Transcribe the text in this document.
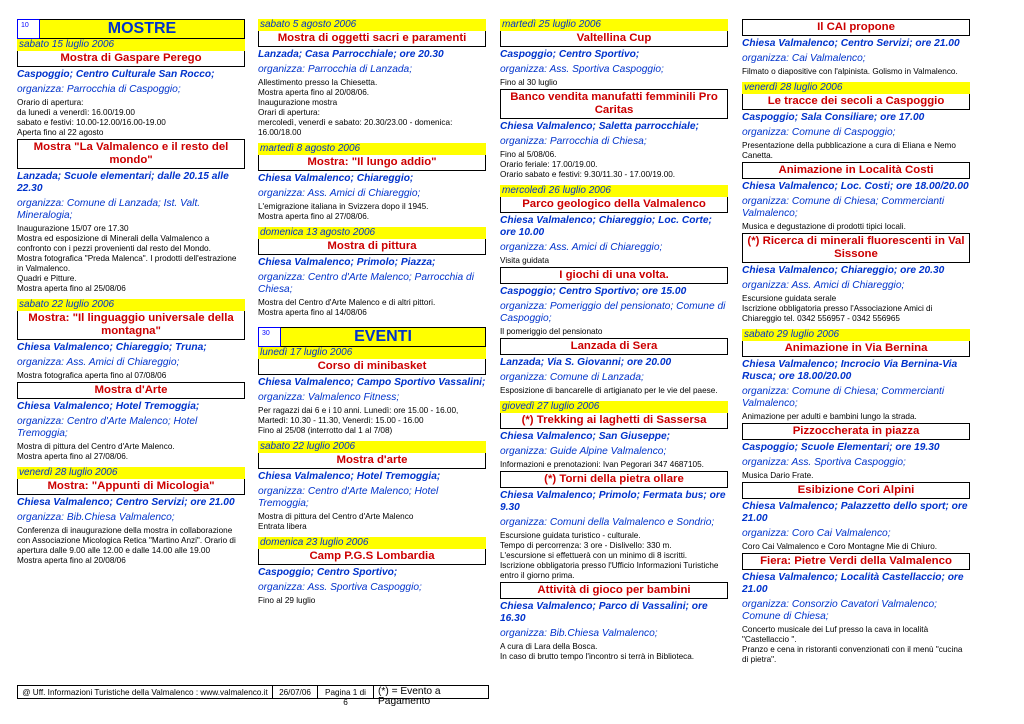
10	MOSTRE
sabato 15 luglio 2006
Mostra di Gaspare Perego
Caspoggio; Centro Culturale San Rocco;
organizza: Parrocchia di Caspoggio;
Orario di apertura:
da lunedì a venerdì: 16.00/19.00
sabato e festivi: 10.00-12.00/16.00-19.00
Aperta fino al 22 agosto
Mostra "La Valmalenco e il resto del mondo"
Lanzada; Scuole elementari; dalle 20.15 alle 22.30
organizza: Comune di Lanzada; Ist. Valt. Mineralogia;
Inaugurazione 15/07 ore 17.30
Mostra ed esposizione di Minerali della Valmalenco a confronto con i pezzi provenienti dal resto del Mondo.
Mostra fotografica "Preda Malenca". I prodotti dell'estrazione in Valmalenco.
Quadri e Pitture.
Mostra aperta fino al 25/08/06
sabato 22 luglio 2006
Mostra: "Il linguaggio universale della montagna"
Chiesa Valmalenco; Chiareggio; Truna;
organizza: Ass. Amici di Chiareggio;
Mostra fotografica aperta fino al 07/08/06
Mostra d'Arte
Chiesa Valmalenco; Hotel Tremoggia;
organizza: Centro d'Arte Malenco; Hotel Tremoggia;
Mostra di pittura del Centro d'Arte Malenco.
Mostra aperta fino al 27/08/06.
venerdì 28 luglio 2006
Mostra: "Appunti di Micologia"
Chiesa Valmalenco; Centro Servizi; ore 21.00
organizza: Bib.Chiesa Valmalenco;
Conferenza di inaugurazione della mostra in collaborazione con Associazione Micologica Retica "Martino Anzi". Orario di apertura dalle 9.00 alle 12.00 e dalle 14.00 alle 19.00
Mostra aperta fino al 20/08/06
sabato 5 agosto 2006
Mostra di oggetti sacri e paramenti
Lanzada; Casa Parrocchiale; ore 20.30
organizza: Parrocchia di Lanzada;
Allestimento presso la Chiesetta.
Mostra aperta fino al 20/08/06.
Inaugurazione mostra
Orari di apertura:
mercoledì, venerdì e sabato: 20.30/23.00 - domenica: 16.00/18.00
martedì 8 agosto 2006
Mostra: "Il lungo addio"
Chiesa Valmalenco; Chiareggio;
organizza: Ass. Amici di Chiareggio;
L'emigrazione italiana in Svizzera dopo il 1945.
Mostra aperta fino al 27/08/06.
domenica 13 agosto 2006
Mostra di pittura
Chiesa Valmalenco; Primolo; Piazza;
organizza: Centro d'Arte Malenco; Parrocchia di Chiesa;
Mostra del Centro d'Arte Malenco e di altri pittori.
Mostra aperta fino al 14/08/06
30	EVENTI
lunedì 17 luglio 2006
Corso di minibasket
Chiesa Valmalenco; Campo Sportivo Vassalini;
organizza: Valmalenco Fitness;
Per ragazzi dai 6 e i 10 anni. Lunedì: ore 15.00 - 16.00, Martedì: 10.30 - 11.30, Venerdì: 15.00 - 16.00
Fino al 25/08 (interrotto dal 1 al 7/08)
sabato 22 luglio 2006
Mostra d'arte
Chiesa Valmalenco; Hotel Tremoggia;
organizza: Centro d'Arte Malenco; Hotel Tremoggia;
Mostra di pittura del Centro d'Arte Malenco
Entrata libera
domenica 23 luglio 2006
Camp P.G.S Lombardia
Caspoggio; Centro Sportivo;
organizza: Ass. Sportiva Caspoggio;
Fino al 29 luglio
martedì 25 luglio 2006
Valtellina Cup
Caspoggio; Centro Sportivo;
organizza: Ass. Sportiva Caspoggio;
Fino al 30 luglio
Banco vendita manufatti femminili Pro Caritas
Chiesa Valmalenco; Saletta parrocchiale;
organizza: Parrocchia di Chiesa;
Fino al 5/08/06.
Orario feriale: 17.00/19.00.
Orario sabato e festivi: 9.30/11.30 - 17.00/19.00.
mercoledì 26 luglio 2006
Parco geologico della Valmalenco
Chiesa Valmalenco; Chiareggio; Loc. Corte; ore 10.00
organizza: Ass. Amici di Chiareggio;
Visita guidata
I giochi di una volta.
Caspoggio; Centro Sportivo; ore 15.00
organizza: Pomeriggio del pensionato; Comune di Caspoggio;
Il pomeriggio del pensionato
Lanzada di Sera
Lanzada; Via S. Giovanni; ore 20.00
organizza: Comune di Lanzada;
Esposizione di bancarelle di artigianato per le vie del paese.
giovedì 27 luglio 2006
(*) Trekking ai laghetti di Sassersa
Chiesa Valmalenco; San Giuseppe;
organizza: Guide Alpine Valmalenco;
Informazioni e prenotazioni: Ivan Pegorari 347 4687105.
(*) Torni della pietra ollare
Chiesa Valmalenco; Primolo; Fermata bus; ore 9.30
organizza: Comuni della Valmalenco e Sondrio;
Escursione guidata turistico - culturale.
Tempo di percorrenza: 3 ore - Dislivello: 330 m.
L'escursione si effettuerà con un minimo di 8 iscritti.
Iscrizione obbligatoria presso l'Ufficio Informazioni Turistiche entro il giorno prima.
Attività di gioco per bambini
Chiesa Valmalenco; Parco di Vassalini; ore 16.30
organizza: Bib.Chiesa Valmalenco;
A cura di Lara della Bosca.
In caso di brutto tempo l'incontro si terrà in Biblioteca.
Il CAI propone
Chiesa Valmalenco; Centro Servizi; ore 21.00
organizza: Cai Valmalenco;
Filmato o diapositive con l'alpinista. Golismo in Valmalenco.
venerdì 28 luglio 2006
Le tracce dei secoli a Caspoggio
Caspoggio; Sala Consiliare; ore 17.00
organizza: Comune di Caspoggio;
Presentazione della pubblicazione a cura di Eliana e Nemo Canetta.
Animazione in Località Costi
Chiesa Valmalenco; Loc. Costi; ore 18.00/20.00
organizza: Comune di Chiesa; Commercianti Valmalenco;
Musica e degustazione di prodotti tipici locali.
(*) Ricerca di minerali fluorescenti in Val Sissone
Chiesa Valmalenco; Chiareggio; ore 20.30
organizza: Ass. Amici di Chiareggio;
Escursione guidata serale
Iscrizione obbligatoria presso l'Associazione Amici di Chiareggio tel. 0342 556957 - 0342 556965
sabato 29 luglio 2006
Animazione in Via Bernina
Chiesa Valmalenco; Incrocio Via Bernina-Via Rusca; ore 18.00/20.00
organizza: Comune di Chiesa; Commercianti Valmalenco;
Animazione per adulti e bambini lungo la strada.
Pizzoccherata in piazza
Caspoggio; Scuole Elementari; ore 19.30
organizza: Ass. Sportiva Caspoggio;
Musica Dario Frate.
Esibizione Cori Alpini
Chiesa Valmalenco; Palazzetto dello sport; ore 21.00
organizza: Coro Cai Valmalenco;
Coro Cai Valmalenco e Coro Montagne Mie di Chiuro.
Fiera: Pietre Verdi della Valmalenco
Chiesa Valmalenco; Località Castellaccio; ore 21.00
organizza: Consorzio Cavatori Valmalenco; Comune di Chiesa;
Concerto musicale dei Luf presso la cava in località "Castellaccio ".
Pranzo e cena in ristoranti convenzionati con il menù "cucina di pietra".
@ Uff. Informazioni Turistiche della Valmalenco : www.valmalenco.it	26/07/06	Pagina 1 di 6
(*) = Evento a Pagamento
